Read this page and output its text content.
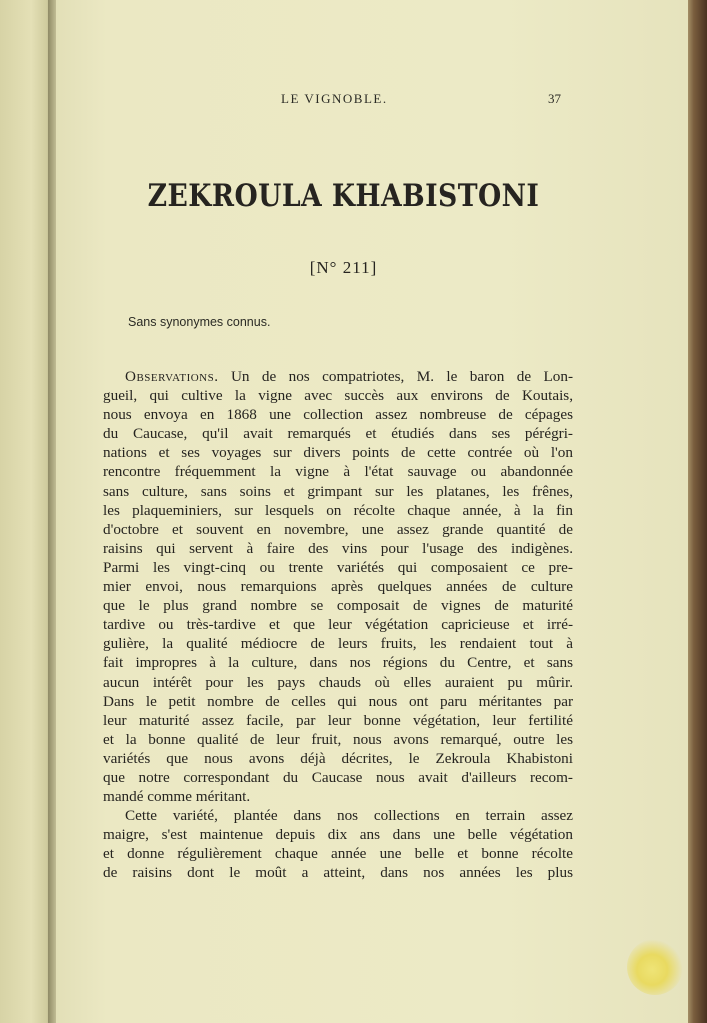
LE VIGNOBLE.	37
ZEKROULA KHABISTONI
[N° 211]
Sans synonymes connus.
Observations. Un de nos compatriotes, M. le baron de Lon-
gueil, qui cultive la vigne avec succès aux environs de Koutais,
nous envoya en 1868 une collection assez nombreuse de cépages
du Caucase, qu'il avait remarqués et étudiés dans ses pérégri-
nations et ses voyages sur divers points de cette contrée où l'on
rencontre fréquemment la vigne à l'état sauvage ou abandonnée
sans culture, sans soins et grimpant sur les platanes, les frênes,
les plaqueminiers, sur lesquels on récolte chaque année, à la fin
d'octobre et souvent en novembre, une assez grande quantité de
raisins qui servent à faire des vins pour l'usage des indigènes.
Parmi les vingt-cinq ou trente variétés qui composaient ce pre-
mier envoi, nous remarquions après quelques années de culture
que le plus grand nombre se composait de vignes de maturité
tardive ou très-tardive et que leur végétation capricieuse et irré-
gulière, la qualité médiocre de leurs fruits, les rendaient tout à
fait impropres à la culture, dans nos régions du Centre, et sans
aucun intérêt pour les pays chauds où elles auraient pu mûrir.
Dans le petit nombre de celles qui nous ont paru méritantes par
leur maturité assez facile, par leur bonne végétation, leur fertilité
et la bonne qualité de leur fruit, nous avons remarqué, outre les
variétés que nous avons déjà décrites, le Zekroula Khabistoni
que notre correspondant du Caucase nous avait d'ailleurs recom-
mandé comme méritant.
Cette variété, plantée dans nos collections en terrain assez
maigre, s'est maintenue depuis dix ans dans une belle végétation
et donne régulièrement chaque année une belle et bonne récolte
de raisins dont le moût a atteint, dans nos années les plus
